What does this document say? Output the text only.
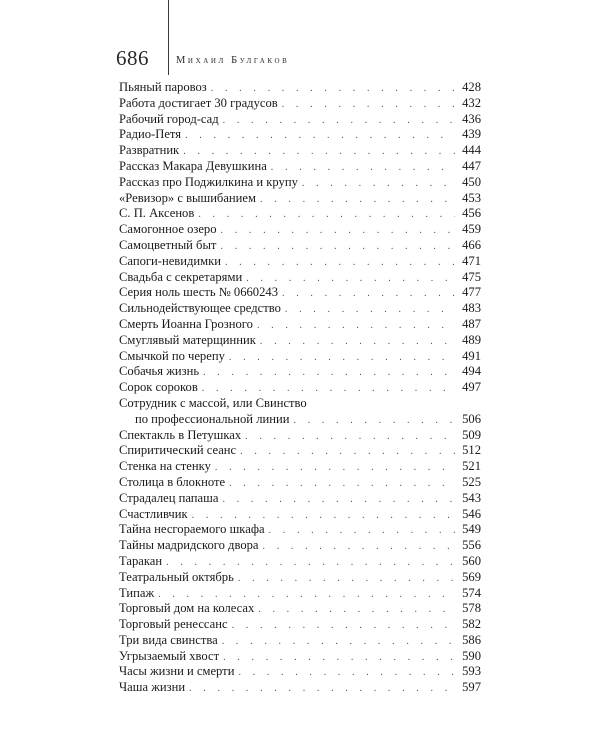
686	Михаил Булгаков
Пьяный паровоз . . .	428
Работа достигает 30 градусов . . .	432
Рабочий город-сад . . .	436
Радио-Петя . . .	439
Развратник . . .	444
Рассказ Макара Девушкина . . .	447
Рассказ про Поджилкина и крупу . . .	450
«Ревизор» с вышибанием . . .	453
С. П. Аксенов . . .	456
Самогонное озеро . . .	459
Самоцветный быт . . .	466
Сапоги-невидимки . . .	471
Свадьба с секретарями . . .	475
Серия ноль шесть № 0660243 . . .	477
Сильнодействующее средство . . .	483
Смерть Иоанна Грозного . . .	487
Смуглявый матерщинник . . .	489
Смычкой по черепу . . .	491
Собачья жизнь . . .	494
Сорок сороков . . .	497
Сотрудник с массой, или Свинство
по профессиональной линии . . .	506
Спектакль в Петушках . . .	509
Спиритический сеанс . . .	512
Стенка на стенку . . .	521
Столица в блокноте . . .	525
Страдалец папаша . . .	543
Счастливчик . . .	546
Тайна несгораемого шкафа . . .	549
Тайны мадридского двора . . .	556
Таракан . . .	560
Театральный октябрь . . .	569
Типаж . . .	574
Торговый дом на колесах . . .	578
Торговый ренессанс . . .	582
Три вида свинства . . .	586
Угрызаемый хвост . . .	590
Часы жизни и смерти . . .	593
Чаша жизни . . .	597
